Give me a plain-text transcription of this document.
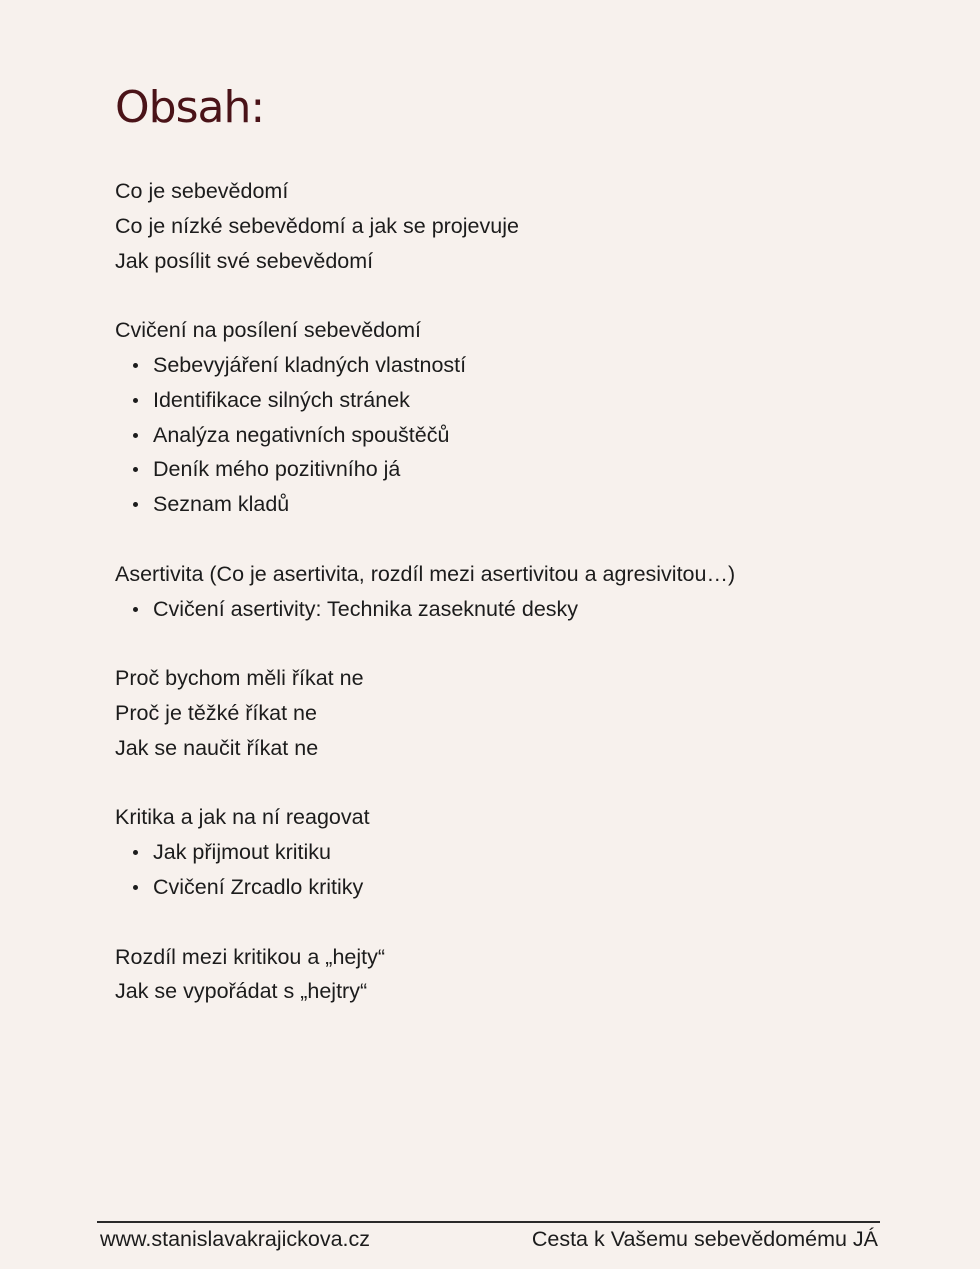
Obsah:
Co je sebevědomí
Co je nízké sebevědomí a jak se projevuje
Jak posílit své sebevědomí
Cvičení na posílení sebevědomí
Sebevyjáření kladných vlastností
Identifikace silných stránek
Analýza negativních spouštěčů
Deník mého pozitivního já
Seznam kladů
Asertivita (Co je asertivita, rozdíl mezi asertivitou a agresivitou…)
Cvičení asertivity: Technika zaseknuté desky
Proč bychom měli říkat ne
Proč je těžké říkat ne
Jak se naučit říkat ne
Kritika a jak na ní reagovat
Jak přijmout kritiku
Cvičení Zrcadlo kritiky
Rozdíl mezi kritikou a „hejty“
Jak se vypořádat s „hejtry“
www.stanislavakrajickova.cz	Cesta k Vašemu sebevědomému JÁ
